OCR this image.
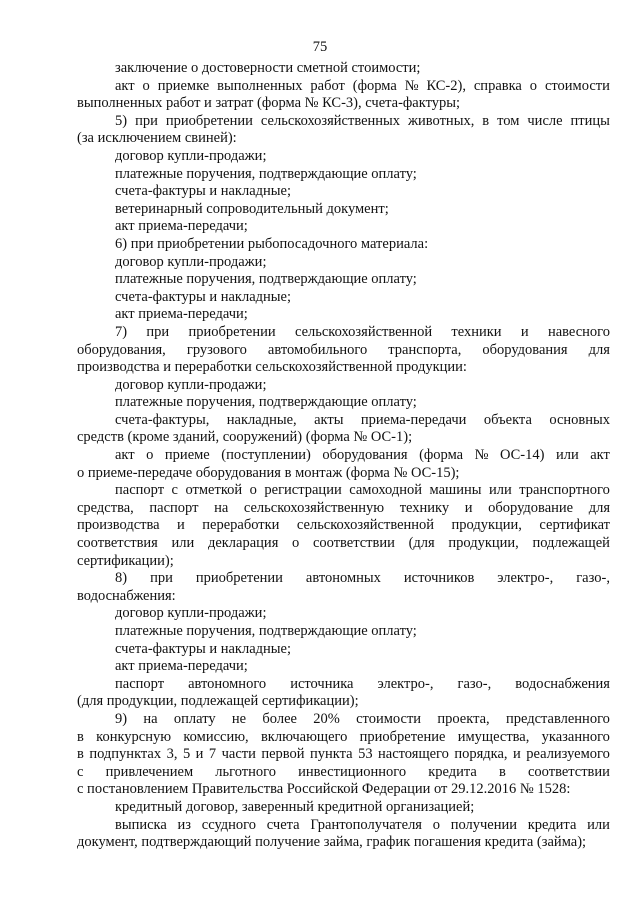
75
заключение о достоверности сметной стоимости;
акт о приемке выполненных работ (форма № КС-2), справка о стоимости
выполненных работ и затрат (форма № КС-3), счета-фактуры;
5) при приобретении сельскохозяйственных животных, в том числе птицы
(за исключением свиней):
договор купли-продажи;
платежные поручения, подтверждающие оплату;
счета-фактуры и накладные;
ветеринарный сопроводительный документ;
акт приема-передачи;
6) при приобретении рыбопосадочного материала:
договор купли-продажи;
платежные поручения, подтверждающие оплату;
счета-фактуры и накладные;
акт приема-передачи;
7) при приобретении сельскохозяйственной техники и навесного
оборудования, грузового автомобильного транспорта, оборудования для
производства и переработки сельскохозяйственной продукции:
договор купли-продажи;
платежные поручения, подтверждающие оплату;
счета-фактуры, накладные, акты приема-передачи объекта основных
средств (кроме зданий, сооружений) (форма № ОС-1);
акт о приеме (поступлении) оборудования (форма № ОС-14) или акт
о приеме-передаче оборудования в монтаж (форма № ОС-15);
паспорт с отметкой о регистрации самоходной машины или транспортного
средства, паспорт на сельскохозяйственную технику и оборудование для
производства и переработки сельскохозяйственной продукции, сертификат
соответствия или декларация о соответствии (для продукции, подлежащей
сертификации);
8) при приобретении автономных источников электро-, газо-,
водоснабжения:
договор купли-продажи;
платежные поручения, подтверждающие оплату;
счета-фактуры и накладные;
акт приема-передачи;
паспорт автономного источника электро-, газо-, водоснабжения
(для продукции, подлежащей сертификации);
9) на оплату не более 20% стоимости проекта, представленного
в конкурсную комиссию, включающего приобретение имущества, указанного
в подпунктах 3, 5 и 7 части первой пункта 53 настоящего порядка, и реализуемого
с привлечением льготного инвестиционного кредита в соответствии
с постановлением Правительства Российской Федерации от 29.12.2016 № 1528:
кредитный договор, заверенный кредитной организацией;
выписка из ссудного счета Грантополучателя о получении кредита или
документ, подтверждающий получение займа, график погашения кредита (займа);
